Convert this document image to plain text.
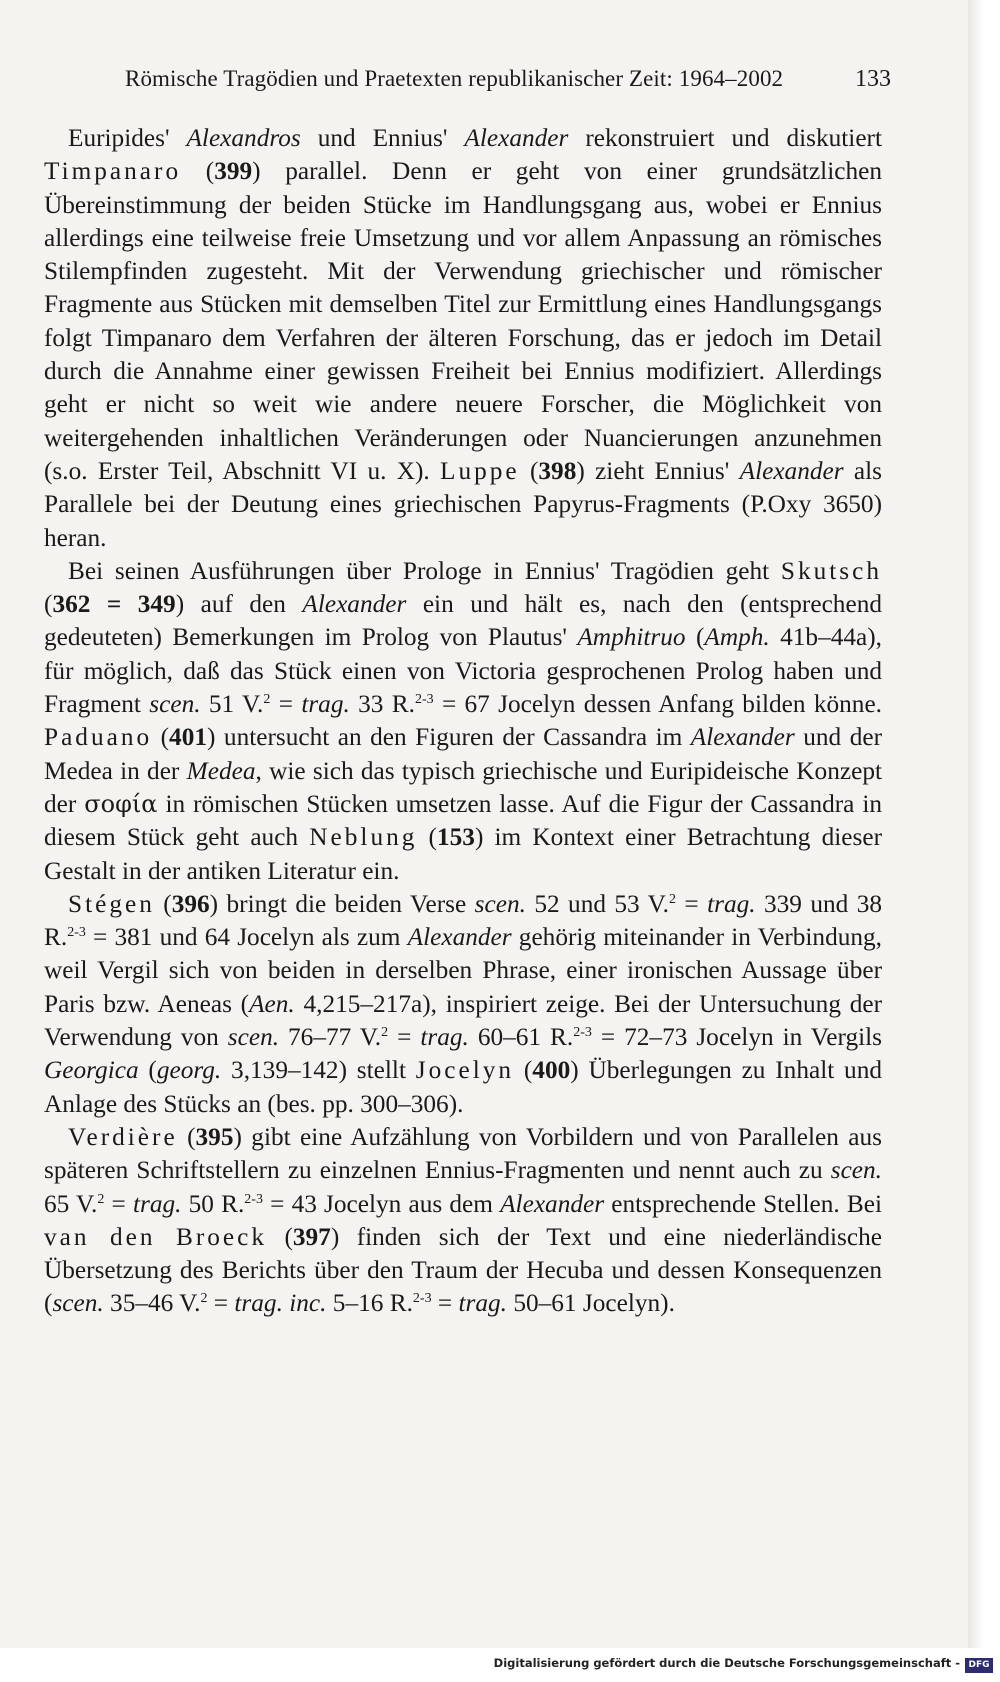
Römische Tragödien und Praetexten republikanischer Zeit: 1964–2002	133

Euripides' Alexandros und Ennius' Alexander rekonstruiert und diskutiert Timpanaro (399) parallel. Denn er geht von einer grundsätzlichen Übereinstimmung der beiden Stücke im Handlungsgang aus, wobei er Ennius allerdings eine teilweise freie Umsetzung und vor allem Anpassung an römisches Stilempfinden zugesteht. Mit der Verwendung griechischer und römischer Fragmente aus Stücken mit demselben Titel zur Ermittlung eines Handlungsgangs folgt Timpanaro dem Verfahren der älteren Forschung, das er jedoch im Detail durch die Annahme einer gewissen Freiheit bei Ennius modifiziert. Allerdings geht er nicht so weit wie andere neuere Forscher, die Möglichkeit von weitergehenden inhaltlichen Veränderungen oder Nuancierungen anzunehmen (s.o. Erster Teil, Abschnitt VI u. X). Luppe (398) zieht Ennius' Alexander als Parallele bei der Deutung eines griechischen Papyrus-Fragments (P.Oxy 3650) heran.

Bei seinen Ausführungen über Prologe in Ennius' Tragödien geht Skutsch (362 = 349) auf den Alexander ein und hält es, nach den (entsprechend gedeuteten) Bemerkungen im Prolog von Plautus' Amphitruo (Amph. 41b–44a), für möglich, daß das Stück einen von Victoria gesprochenen Prolog haben und Fragment scen. 51 V.$^2$ = trag. 33 R.$^{2-3}$ = 67 Jocelyn dessen Anfang bilden könne. Paduano (401) untersucht an den Figuren der Cassandra im Alexander und der Medea in der Medea, wie sich das typisch griechische und Euripideische Konzept der σοφία in römischen Stücken umsetzen lasse. Auf die Figur der Cassandra in diesem Stück geht auch Neblung (153) im Kontext einer Betrachtung dieser Gestalt in der antiken Literatur ein.

Stégen (396) bringt die beiden Verse scen. 52 und 53 V.$^2$ = trag. 339 und 38 R.$^{2-3}$ = 381 und 64 Jocelyn als zum Alexander gehörig miteinander in Verbindung, weil Vergil sich von beiden in derselben Phrase, einer ironischen Aussage über Paris bzw. Aeneas (Aen. 4,215–217a), inspiriert zeige. Bei der Untersuchung der Verwendung von scen. 76–77 V.$^2$ = trag. 60–61 R.$^{2-3}$ = 72–73 Jocelyn in Vergils Georgica (georg. 3,139–142) stellt Jocelyn (400) Überlegungen zu Inhalt und Anlage des Stücks an (bes. pp. 300–306).

Verdière (395) gibt eine Aufzählung von Vorbildern und von Parallelen aus späteren Schriftstellern zu einzelnen Ennius-Fragmenten und nennt auch zu scen. 65 V.$^2$ = trag. 50 R.$^{2-3}$ = 43 Jocelyn aus dem Alexander entsprechende Stellen. Bei van den Broeck (397) finden sich der Text und eine niederländische Übersetzung des Berichts über den Traum der Hecuba und dessen Konsequenzen (scen. 35–46 V.$^2$ = trag. inc. 5–16 R.$^{2-3}$ = trag. 50–61 Jocelyn).

Digitalisierung gefördert durch die Deutsche Forschungsgemeinschaft - DFG
